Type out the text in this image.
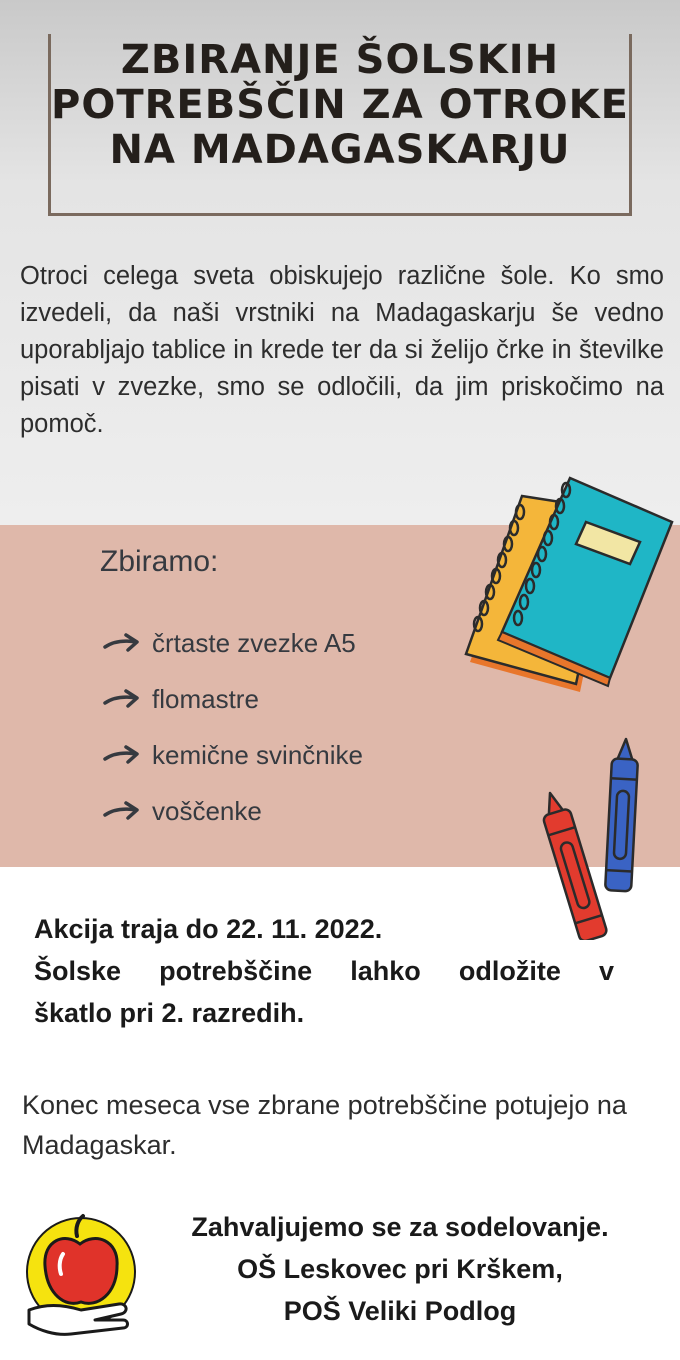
ZBIRANJE ŠOLSKIH POTREBŠČIN ZA OTROKE NA MADAGASKARJU

Otroci celega sveta obiskujejo različne šole. Ko smo izvedeli, da naši vrstniki na Madagaskarju še vedno uporabljajo tablice in krede ter da si želijo črke in številke pisati v zvezke, smo se odločili, da jim priskočimo na pomoč.

Zbiramo:
črtaste zvezke A5
flomastre
kemične svinčnike
voščenke
Akcija traja do 22. 11. 2022.
Šolske potrebščine lahko odložite v
škatlo pri 2. razredih.

Konec meseca vse zbrane potrebščine potujejo na Madagaskar.

Zahvaljujemo se za sodelovanje.
OŠ Leskovec pri Krškem,
POŠ Veliki Podlog
